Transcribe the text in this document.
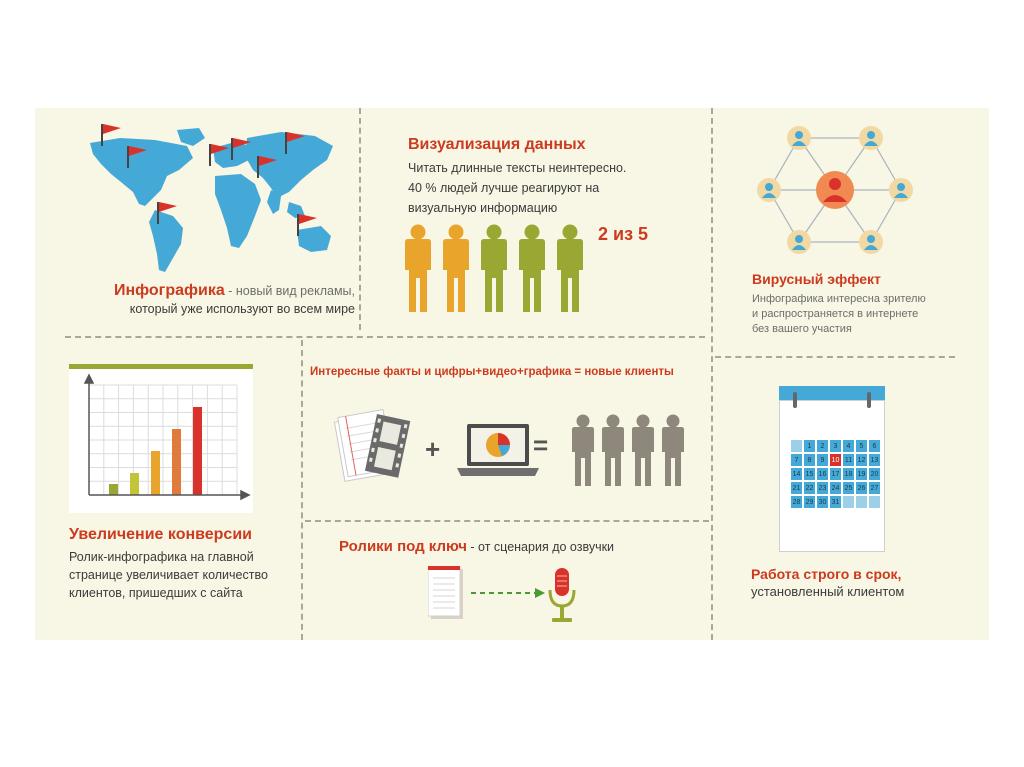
Инфографика - новый вид рекламы,
который уже используют во всем мире
Визуализация данных
Читать длинные тексты неинтересно.
40 % людей лучше реагируют на
визуальную информацию
2 из 5
Вирусный эффект
Инфографика интересна зрителю
и распространяется в интернете
без вашего участия
Увеличение конверсии
Ролик-инфографика на главной
странице увеличивает количество
клиентов, пришедших с сайта
Интересные факты и цифры+видео+графика = новые клиенты
+	=
Ролики под ключ - от сценария до озвучки
	1	2	3	4	5	6
7	8	9	10	11	12	13
14	15	16	17	18	19	20
21	22	23	24	25	26	27
28	29	30	31			
Работа строго в срок,
установленный клиентом
